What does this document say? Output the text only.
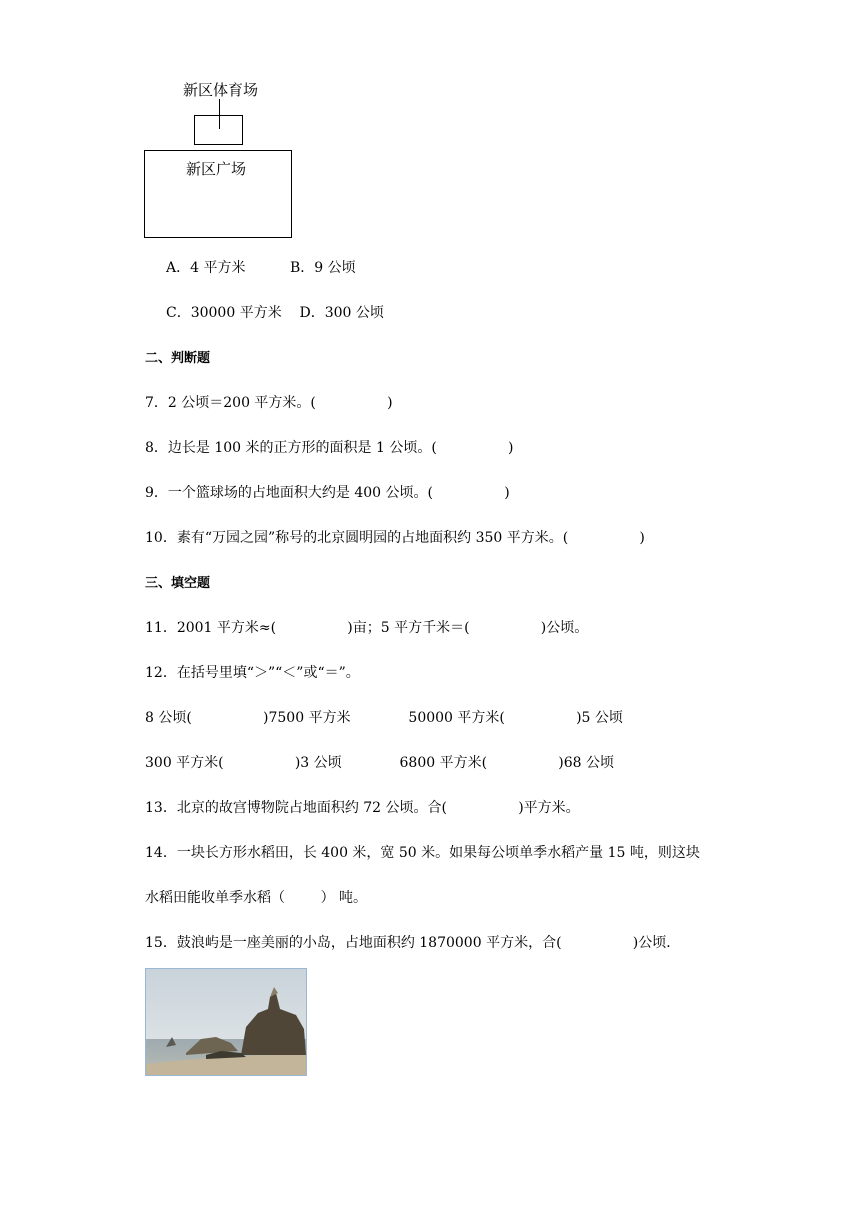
新区体育场
新区广场
A．4 平方米          B．9 公顷
C．30000 平方米    D．300 公顷
二、判断题
7．2 公顷＝200 平方米。(                )
8．边长是 100 米的正方形的面积是 1 公顷。(                )
9．一个篮球场的占地面积大约是 400 公顷。(                )
10．素有“万园之园”称号的北京圆明园的占地面积约 350 平方米。(                )
三、填空题
11．2001 平方米≈(                )亩；5 平方千米＝(                )公顷。
12．在括号里填“＞”“＜”或“＝”。
8 公顷(                )7500 平方米             50000 平方米(                )5 公顷
300 平方米(                )3 公顷             6800 平方米(                )68 公顷
13．北京的故宫博物院占地面积约 72 公顷。合(                )平方米。
14．一块长方形水稻田，长 400 米，宽 50 米。如果每公顷单季水稻产量 15 吨，则这块
水稻田能收单季水稻（        ） 吨。
15．鼓浪屿是一座美丽的小岛，占地面积约 1870000 平方米，合(                )公顷．
